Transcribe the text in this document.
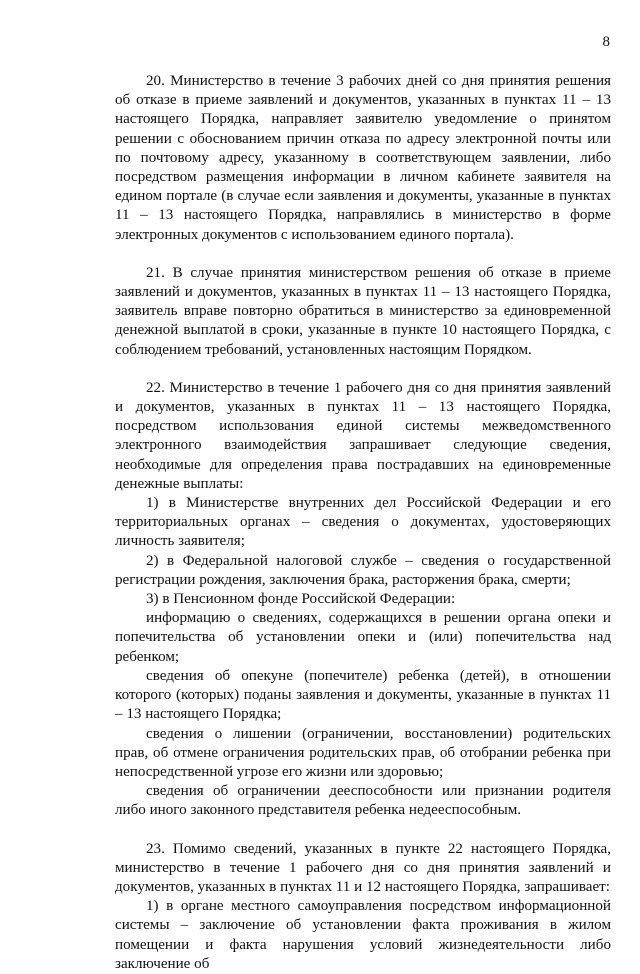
8

20. Министерство в течение 3 рабочих дней со дня принятия решения об отказе в приеме заявлений и документов, указанных в пунктах 11 – 13 настоящего Порядка, направляет заявителю уведомление о принятом решении с обоснованием причин отказа по адресу электронной почты или по почтовому адресу, указанному в соответствующем заявлении, либо посредством размещения информации в личном кабинете заявителя на едином портале (в случае если заявления и документы, указанные в пунктах 11 – 13 настоящего Порядка, направлялись в министерство в форме электронных документов с использованием единого портала).

21. В случае принятия министерством решения об отказе в приеме заявлений и документов, указанных в пунктах 11 – 13 настоящего Порядка, заявитель вправе повторно обратиться в министерство за единовременной денежной выплатой в сроки, указанные в пункте 10 настоящего Порядка, с соблюдением требований, установленных настоящим Порядком.

22. Министерство в течение 1 рабочего дня со дня принятия заявлений и документов, указанных в пунктах 11 – 13 настоящего Порядка, посредством использования единой системы межведомственного электронного взаимодействия запрашивает следующие сведения, необходимые для определения права пострадавших на единовременные денежные выплаты:

1) в Министерстве внутренних дел Российской Федерации и его территориальных органах – сведения о документах, удостоверяющих личность заявителя;

2) в Федеральной налоговой службе – сведения о государственной регистрации рождения, заключения брака, расторжения брака, смерти;

3) в Пенсионном фонде Российской Федерации:

информацию о сведениях, содержащихся в решении органа опеки и попечительства об установлении опеки и (или) попечительства над ребенком;

сведения об опекуне (попечителе) ребенка (детей), в отношении которого (которых) поданы заявления и документы, указанные в пунктах 11 – 13 настоящего Порядка;

сведения о лишении (ограничении, восстановлении) родительских прав, об отмене ограничения родительских прав, об отобрании ребенка при непосредственной угрозе его жизни или здоровью;

сведения об ограничении дееспособности или признании родителя либо иного законного представителя ребенка недееспособным.

23. Помимо сведений, указанных в пункте 22 настоящего Порядка, министерство в течение 1 рабочего дня со дня принятия заявлений и документов, указанных в пунктах 11 и 12 настоящего Порядка, запрашивает:

1) в органе местного самоуправления посредством информационной системы – заключение об установлении факта проживания в жилом помещении и факта нарушения условий жизнедеятельности либо заключение об
